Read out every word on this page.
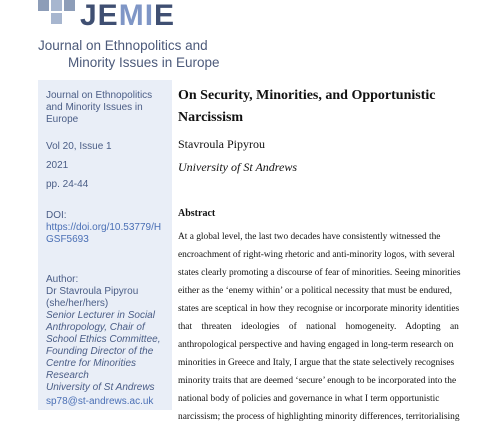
JEMIE
Journal on Ethnopolitics and
Minority Issues in Europe
Journal on Ethnopolitics
and Minority Issues in
Europe
Vol 20, Issue 1
2021
pp. 24-44
DOI:
https://doi.org/10.53779/H
GSF5693
Author:
Dr Stavroula Pipyrou
(she/her/hers)
Senior Lecturer in Social
Anthropology, Chair of
School Ethics Committee,
Founding Director of the
Centre for Minorities
Research
University of St Andrews
sp78@st-andrews.ac.uk
On Security, Minorities, and Opportunistic
Narcissism
Stavroula Pipyrou
University of St Andrews
Abstract
At a global level, the last two decades have consistently witnessed the
encroachment of right-wing rhetoric and anti-minority logos, with several
states clearly promoting a discourse of fear of minorities. Seeing minorities
either as the ‘enemy within’ or a political necessity that must be endured,
states are sceptical in how they recognise or incorporate minority identities
that    threaten    ideologies    of    national    homogeneity.    Adopting    an
anthropological perspective and having engaged in long-term research on
minorities in Greece and Italy, I argue that the state selectively recognises
minority traits that are deemed ‘secure’ enough to be incorporated into the
national body of policies and governance in what I term opportunistic
narcissism; the process of highlighting minority differences, territorialising
